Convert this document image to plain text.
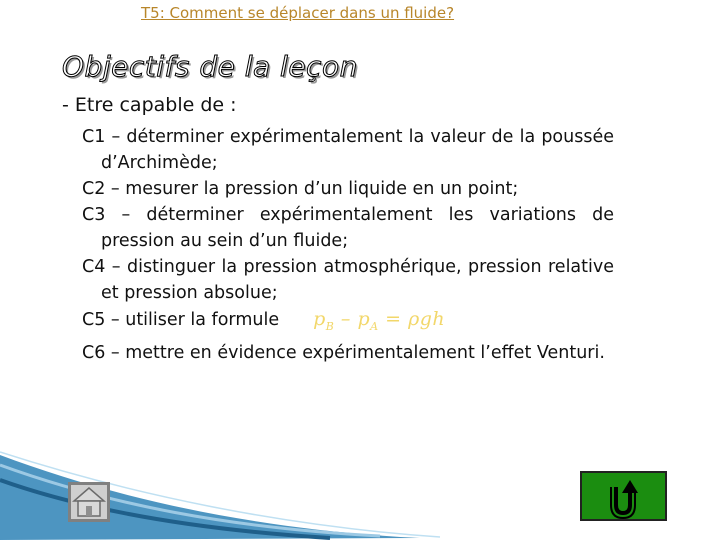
T5: Comment se déplacer dans un fluide?
Objectifs de la leçon
- Etre capable de :
C1 – déterminer expérimentalement la valeur de la poussée d’Archimède;
C2 – mesurer la pression d’un liquide en un point;
C3 – déterminer expérimentalement les variations de pression au sein d’un fluide;
C4 – distinguer la pression atmosphérique, pression relative et pression absolue;
C5 – utiliser la formule $p_B - p_A = \rho gh$
C6 – mettre en évidence expérimentalement l’effet Venturi.
